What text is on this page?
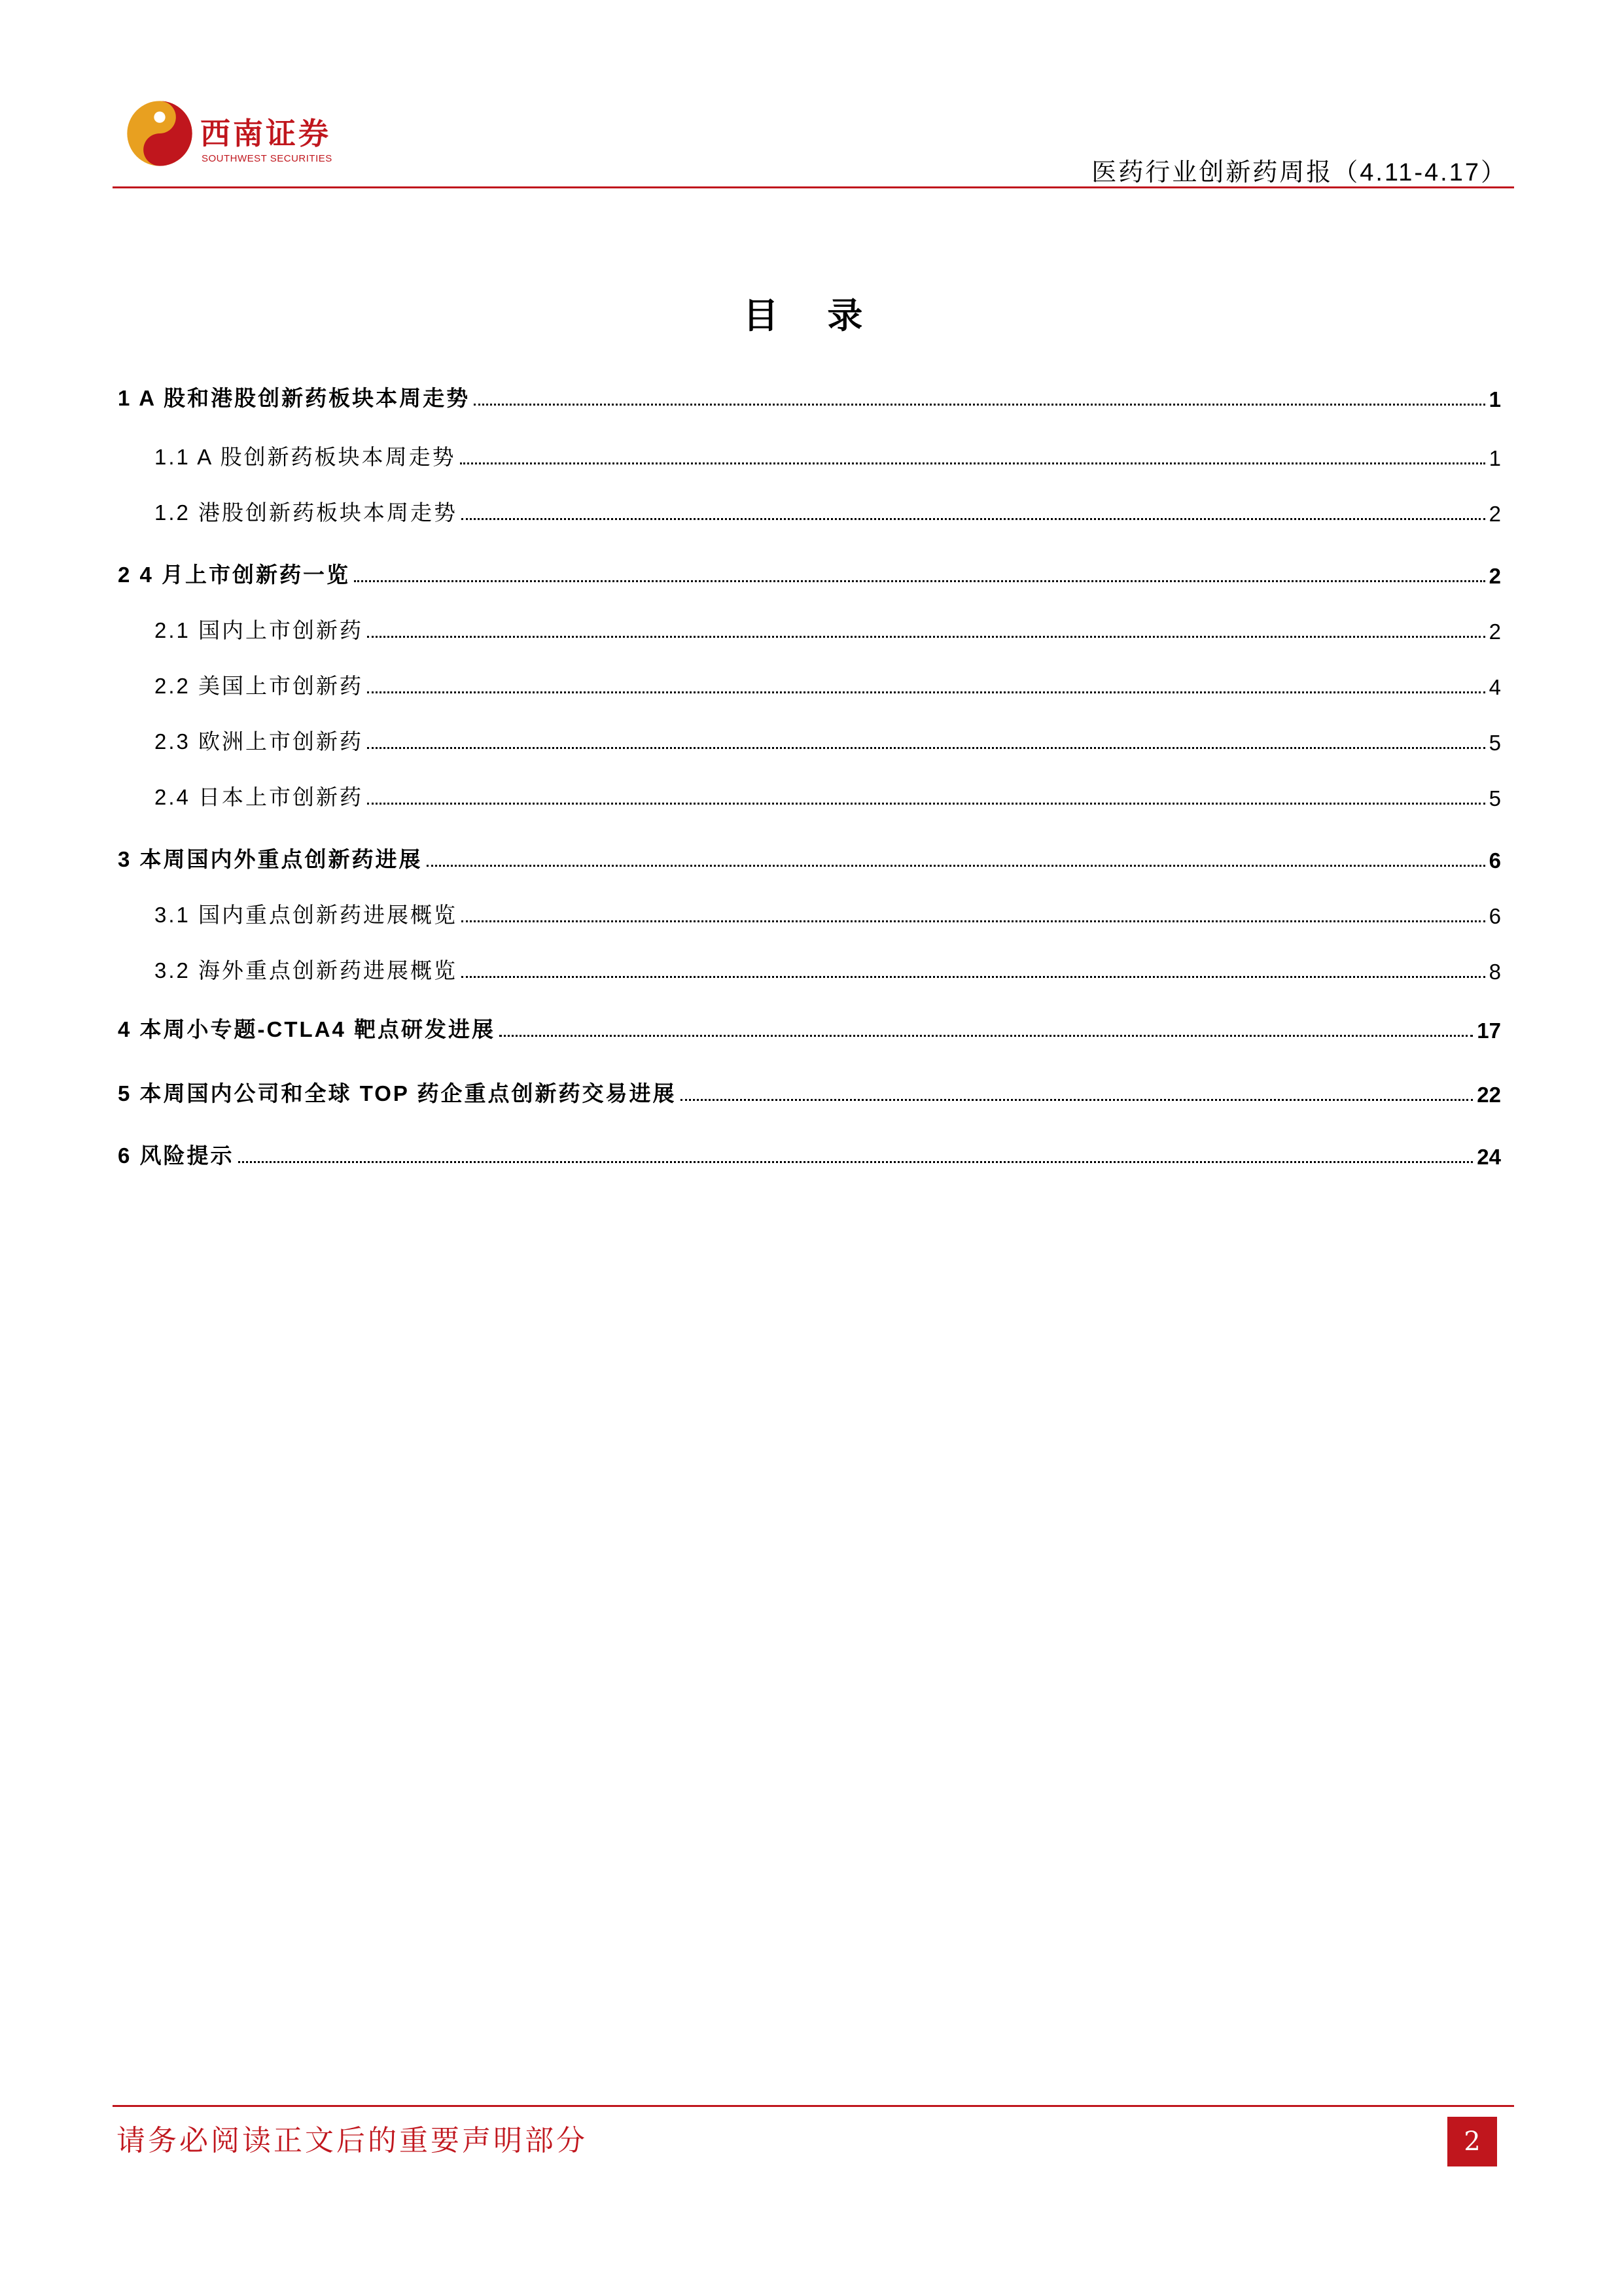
西南证券
SOUTHWEST SECURITIES
医药行业创新药周报（4.11-4.17）
目 录
1 A 股和港股创新药板块本周走势	1
1.1 A 股创新药板块本周走势	1
1.2 港股创新药板块本周走势	2
2 4 月上市创新药一览	2
2.1 国内上市创新药	2
2.2 美国上市创新药	4
2.3 欧洲上市创新药	5
2.4 日本上市创新药	5
3 本周国内外重点创新药进展	6
3.1 国内重点创新药进展概览	6
3.2 海外重点创新药进展概览	8
4 本周小专题-CTLA4 靶点研发进展	17
5 本周国内公司和全球 TOP 药企重点创新药交易进展	22
6 风险提示	24
请务必阅读正文后的重要声明部分	2
